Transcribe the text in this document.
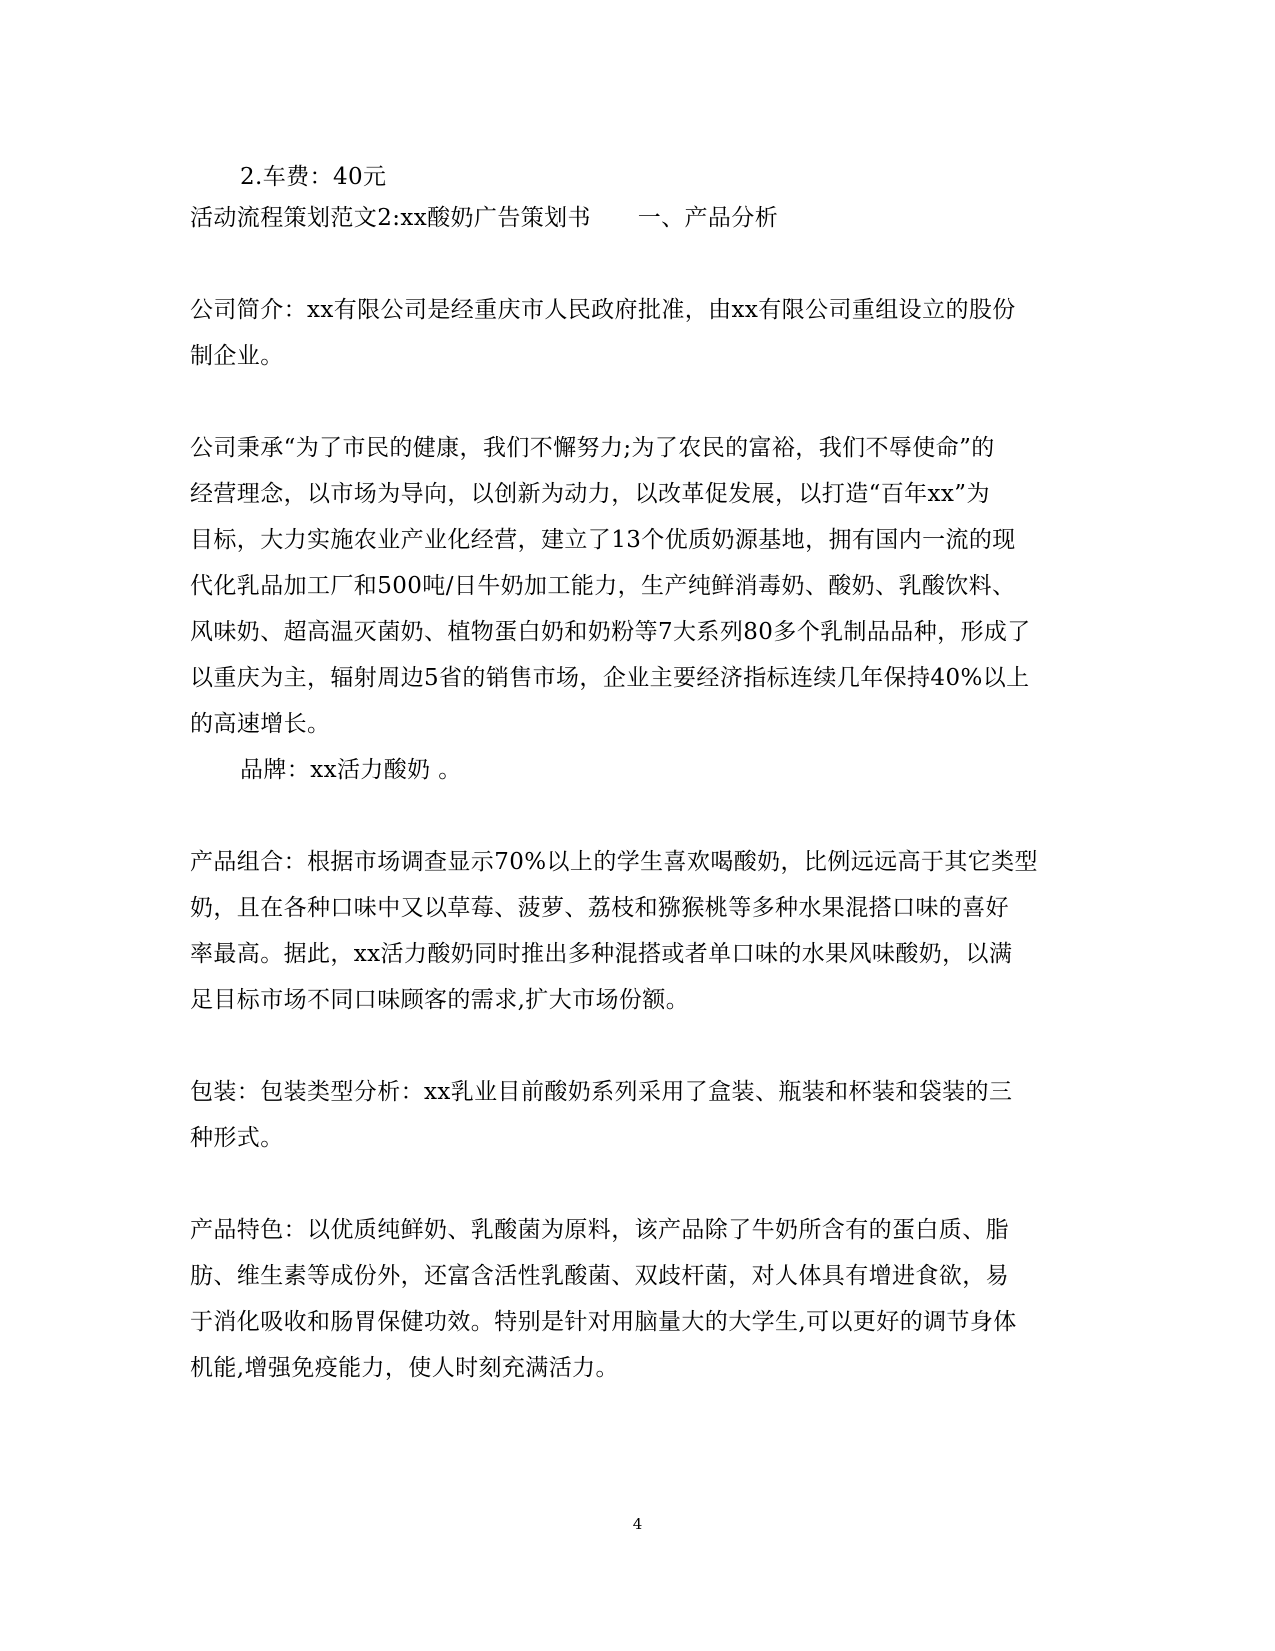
2.车费：40元
活动流程策划范文2:xx酸奶广告策划书　　一、产品分析
公司简介：xx有限公司是经重庆市人民政府批准，由xx有限公司重组设立的股份
制企业。
公司秉承“为了市民的健康，我们不懈努力;为了农民的富裕，我们不辱使命”的
经营理念，以市场为导向，以创新为动力，以改革促发展，以打造“百年xx”为
目标，大力实施农业产业化经营，建立了13个优质奶源基地，拥有国内一流的现
代化乳品加工厂和500吨/日牛奶加工能力，生产纯鲜消毒奶、酸奶、乳酸饮料、
风味奶、超高温灭菌奶、植物蛋白奶和奶粉等7大系列80多个乳制品品种，形成了
以重庆为主，辐射周边5省的销售市场，企业主要经济指标连续几年保持40%以上
的高速增长。
品牌：xx活力酸奶 。
产品组合：根据市场调查显示70%以上的学生喜欢喝酸奶，比例远远高于其它类型
奶，且在各种口味中又以草莓、菠萝、荔枝和猕猴桃等多种水果混搭口味的喜好
率最高。据此，xx活力酸奶同时推出多种混搭或者单口味的水果风味酸奶，以满
足目标市场不同口味顾客的需求,扩大市场份额。
包装：包装类型分析：xx乳业目前酸奶系列采用了盒装、瓶装和杯装和袋装的三
种形式。
产品特色：以优质纯鲜奶、乳酸菌为原料，该产品除了牛奶所含有的蛋白质、脂
肪、维生素等成份外，还富含活性乳酸菌、双歧杆菌，对人体具有增进食欲，易
于消化吸收和肠胃保健功效。特别是针对用脑量大的大学生,可以更好的调节身体
机能,增强免疫能力，使人时刻充满活力。
4
